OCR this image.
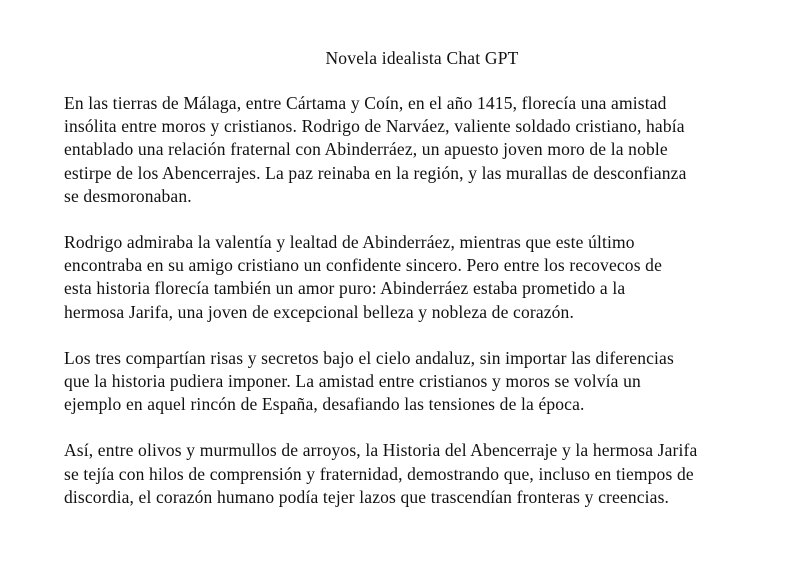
Novela idealista Chat GPT
En las tierras de Málaga, entre Cártama y Coín, en el año 1415, florecía una amistad
insólita entre moros y cristianos. Rodrigo de Narváez, valiente soldado cristiano, había
entablado una relación fraternal con Abinderráez, un apuesto joven moro de la noble
estirpe de los Abencerrajes. La paz reinaba en la región, y las murallas de desconfianza
se desmoronaban.
Rodrigo admiraba la valentía y lealtad de Abinderráez, mientras que este último
encontraba en su amigo cristiano un confidente sincero. Pero entre los recovecos de
esta historia florecía también un amor puro: Abinderráez estaba prometido a la
hermosa Jarifa, una joven de excepcional belleza y nobleza de corazón.
Los tres compartían risas y secretos bajo el cielo andaluz, sin importar las diferencias
que la historia pudiera imponer. La amistad entre cristianos y moros se volvía un
ejemplo en aquel rincón de España, desafiando las tensiones de la época.
Así, entre olivos y murmullos de arroyos, la Historia del Abencerraje y la hermosa Jarifa
se tejía con hilos de comprensión y fraternidad, demostrando que, incluso en tiempos de
discordia, el corazón humano podía tejer lazos que trascendían fronteras y creencias.
